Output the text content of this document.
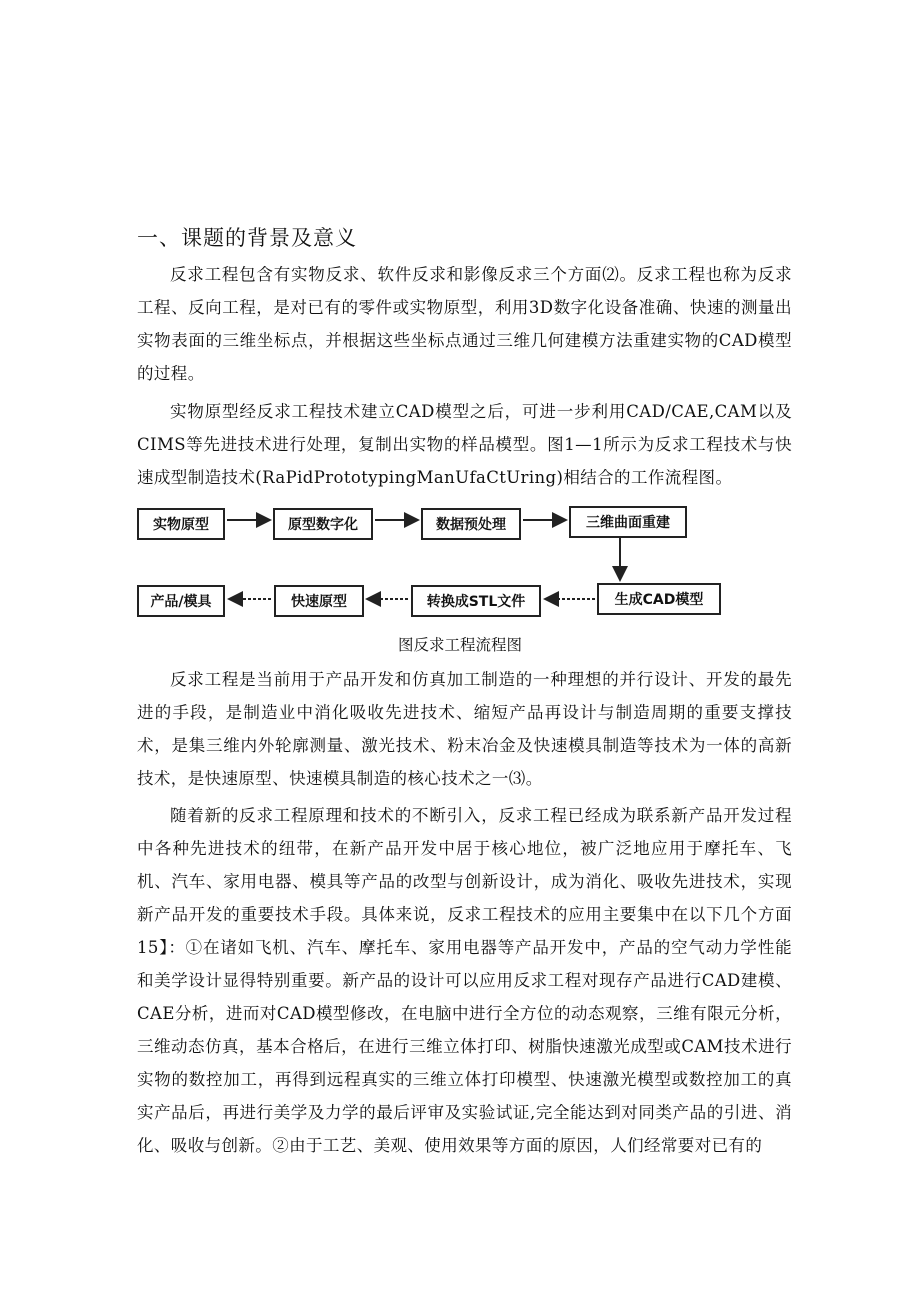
一、课题的背景及意义

反求工程包含有实物反求、软件反求和影像反求三个方面⑵。反求工程也称为反求工程、反向工程，是对已有的零件或实物原型，利用3D数字化设备准确、快速的测量出实物表面的三维坐标点，并根据这些坐标点通过三维几何建模方法重建实物的CAD模型的过程。

实物原型经反求工程技术建立CAD模型之后，可进一步利用CAD/CAE,CAM以及CIMS等先进技术进行处理，复制出实物的样品模型。图1—1所示为反求工程技术与快速成型制造技术(RaPidPrototypingManUfaCtUring)相结合的工作流程图。

实物原型	原型数字化	数据预处理	三维曲面重建
生成CAD模型
转换成STL文件
快速原型
产品/模具
图反求工程流程图

反求工程是当前用于产品开发和仿真加工制造的一种理想的并行设计、开发的最先进的手段，是制造业中消化吸收先进技术、缩短产品再设计与制造周期的重要支撑技术，是集三维内外轮廓测量、激光技术、粉末冶金及快速模具制造等技术为一体的高新技术，是快速原型、快速模具制造的核心技术之一⑶。

随着新的反求工程原理和技术的不断引入，反求工程已经成为联系新产品开发过程中各种先进技术的纽带，在新产品开发中居于核心地位，被广泛地应用于摩托车、飞机、汽车、家用电器、模具等产品的改型与创新设计，成为消化、吸收先进技术，实现新产品开发的重要技术手段。具体来说，反求工程技术的应用主要集中在以下几个方面15】：①在诸如飞机、汽车、摩托车、家用电器等产品开发中，产品的空气动力学性能和美学设计显得特别重要。新产品的设计可以应用反求工程对现存产品进行CAD建模、CAE分析，进而对CAD模型修改，在电脑中进行全方位的动态观察，三维有限元分析，三维动态仿真，基本合格后，在进行三维立体打印、树脂快速激光成型或CAM技术进行实物的数控加工，再得到远程真实的三维立体打印模型、快速激光模型或数控加工的真实产品后，再进行美学及力学的最后评审及实验试证,完全能达到对同类产品的引进、消化、吸收与创新。②由于工艺、美观、使用效果等方面的原因，人们经常要对已有的
